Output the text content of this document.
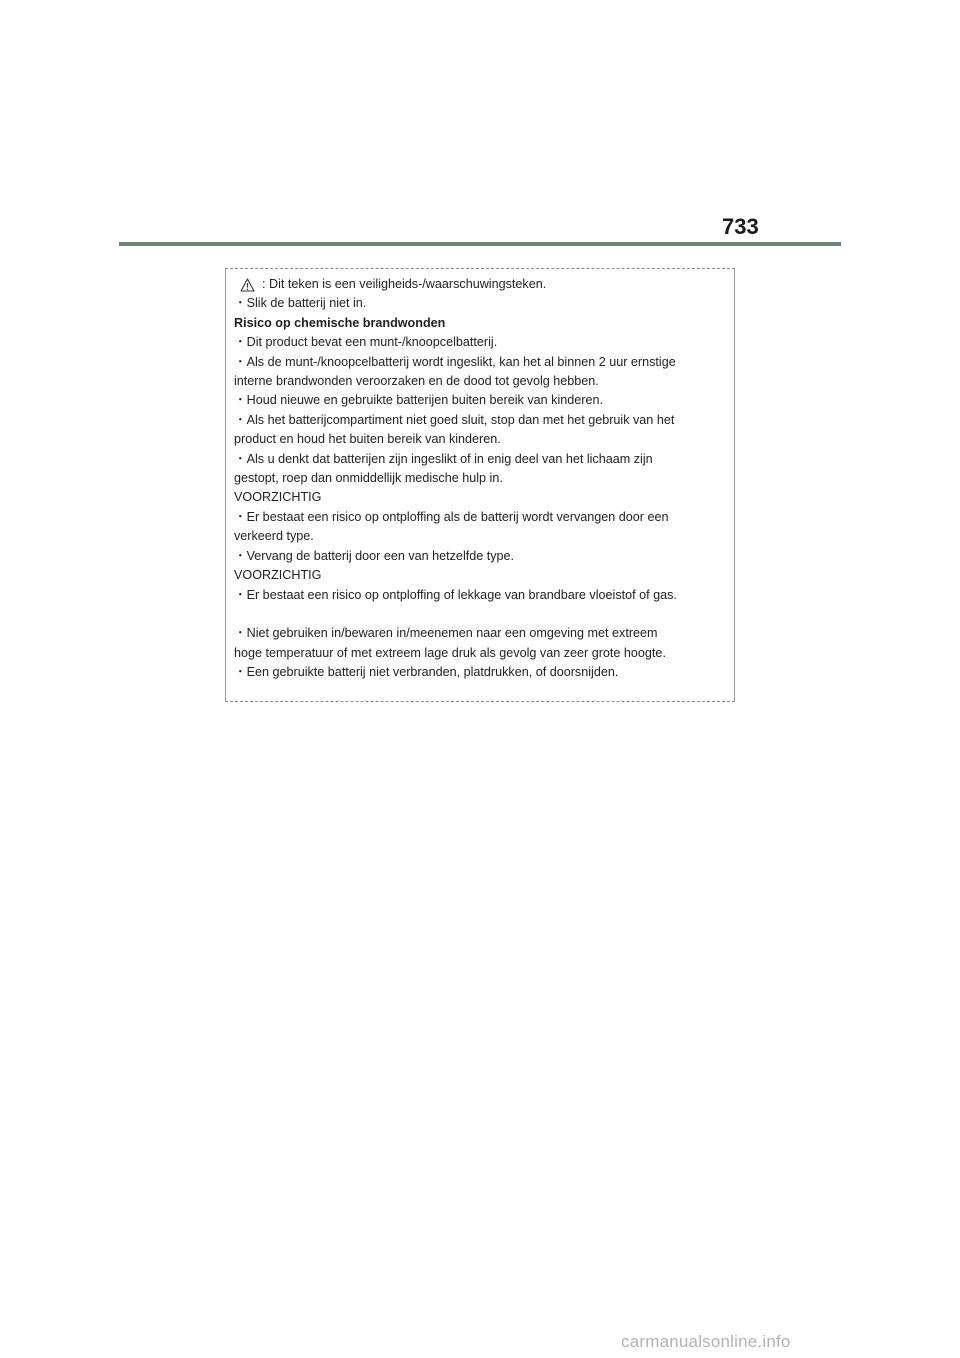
733
: Dit teken is een veiligheids-/waarschuwingsteken.
・Slik de batterij niet in.
Risico op chemische brandwonden
・Dit product bevat een munt-/knoopcelbatterij.
・Als de munt-/knoopcelbatterij wordt ingeslikt, kan het al binnen 2 uur ernstige
interne brandwonden veroorzaken en de dood tot gevolg hebben.
・Houd nieuwe en gebruikte batterijen buiten bereik van kinderen.
・Als het batterijcompartiment niet goed sluit, stop dan met het gebruik van het
product en houd het buiten bereik van kinderen.
・Als u denkt dat batterijen zijn ingeslikt of in enig deel van het lichaam zijn
gestopt, roep dan onmiddellijk medische hulp in.
VOORZICHTIG
・Er bestaat een risico op ontploffing als de batterij wordt vervangen door een
verkeerd type.
・Vervang de batterij door een van hetzelfde type.
VOORZICHTIG
・Er bestaat een risico op ontploffing of lekkage van brandbare vloeistof of gas.
・Niet gebruiken in/bewaren in/meenemen naar een omgeving met extreem
hoge temperatuur of met extreem lage druk als gevolg van zeer grote hoogte.
・Een gebruikte batterij niet verbranden, platdrukken, of doorsnijden.
carmanualsonline.info
